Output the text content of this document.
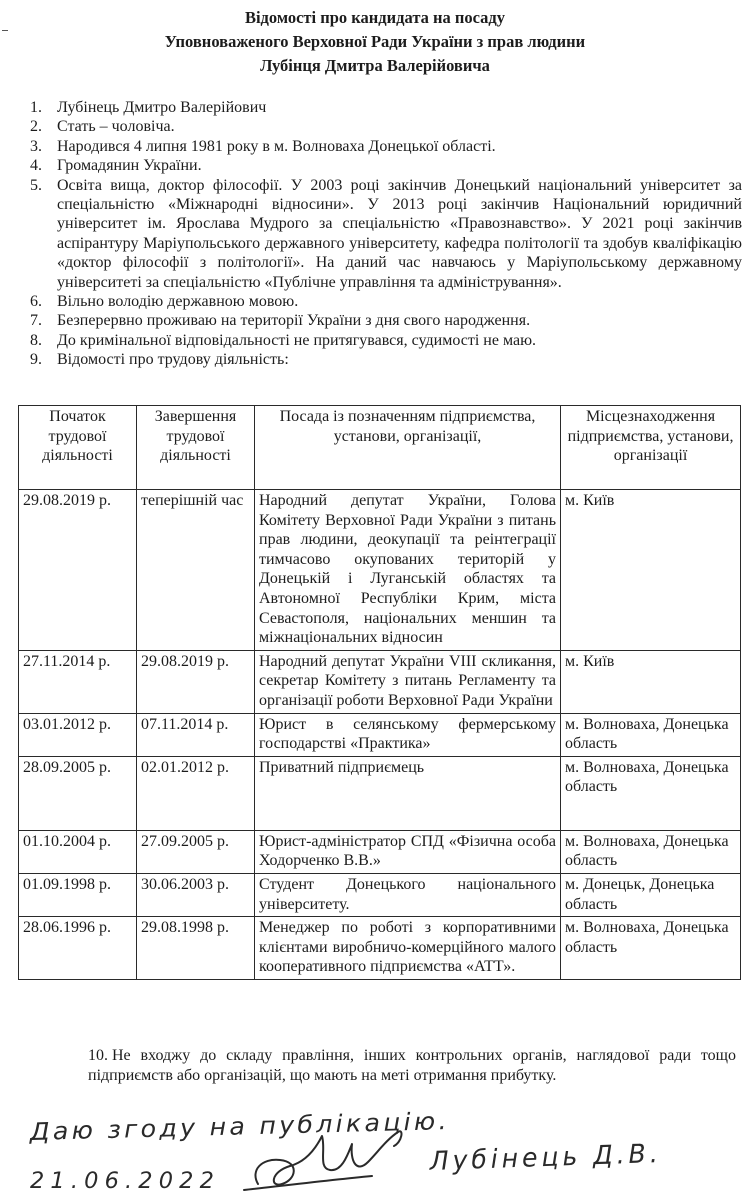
Відомості про кандидата на посаду
Уповноваженого Верховної Ради України з прав людини
Лубінця Дмитра Валерійовича
1. Лубінець Дмитро Валерійович
2. Стать – чоловіча.
3. Народився 4 липня 1981 року в м. Волноваха Донецької області.
4. Громадянин України.
5. Освіта вища, доктор філософії. У 2003 році закінчив Донецький національний університет за спеціальністю «Міжнародні відносини». У 2013 році закінчив Національний юридичний університет ім. Ярослава Мудрого за спеціальністю «Правознавство». У 2021 році закінчив аспірантуру Маріупольського державного університету, кафедра політології та здобув кваліфікацію «доктор філософії з політології». На даний час навчаюсь у Маріупольському державному університеті за спеціальністю «Публічне управління та адміністрування».
6. Вільно володію державною мовою.
7. Безперервно проживаю на території України з дня свого народження.
8. До кримінальної відповідальності не притягувався, судимості не маю.
9. Відомості про трудову діяльність:
Початок трудової діяльності	Завершення трудової діяльності	Посада із позначенням підприємства, установи, організації,	Місцезнаходження підприємства, установи, організації
29.08.2019 р.	теперішній час	Народний депутат України, Голова Комітету Верховної Ради України з питань прав людини, деокупації та реінтеграції тимчасово окупованих територій у Донецькій і Луганській областях та Автономної Республіки Крим, міста Севастополя, національних меншин та міжнаціональних відносин	м. Київ
27.11.2014 р.	29.08.2019 р.	Народний депутат України VIII скликання, секретар Комітету з питань Регламенту та організації роботи Верховної Ради України	м. Київ
03.01.2012 р.	07.11.2014 р.	Юрист в селянському фермерському господарстві «Практика»	м. Волноваха, Донецька область
28.09.2005 р.	02.01.2012 р.	Приватний підприємець	м. Волноваха, Донецька область
01.10.2004 р.	27.09.2005 р.	Юрист-адміністратор СПД «Фізична особа Ходорченко В.В.»	м. Волноваха, Донецька область
01.09.1998 р.	30.06.2003 р.	Студент Донецького національного університету.	м. Донецьк, Донецька область
28.06.1996 р.	29.08.1998 р.	Менеджер по роботі з корпоративними клієнтами виробничо-комерційного малого кооперативного підприємства «АТТ».	м. Волноваха, Донецька область
10. Не входжу до складу правління, інших контрольних органів, наглядової ради тощо підприємств або організацій, що мають на меті отримання прибутку.
Даю згоду на публікацію.
21.06.2022
Лубінець Д.В.
